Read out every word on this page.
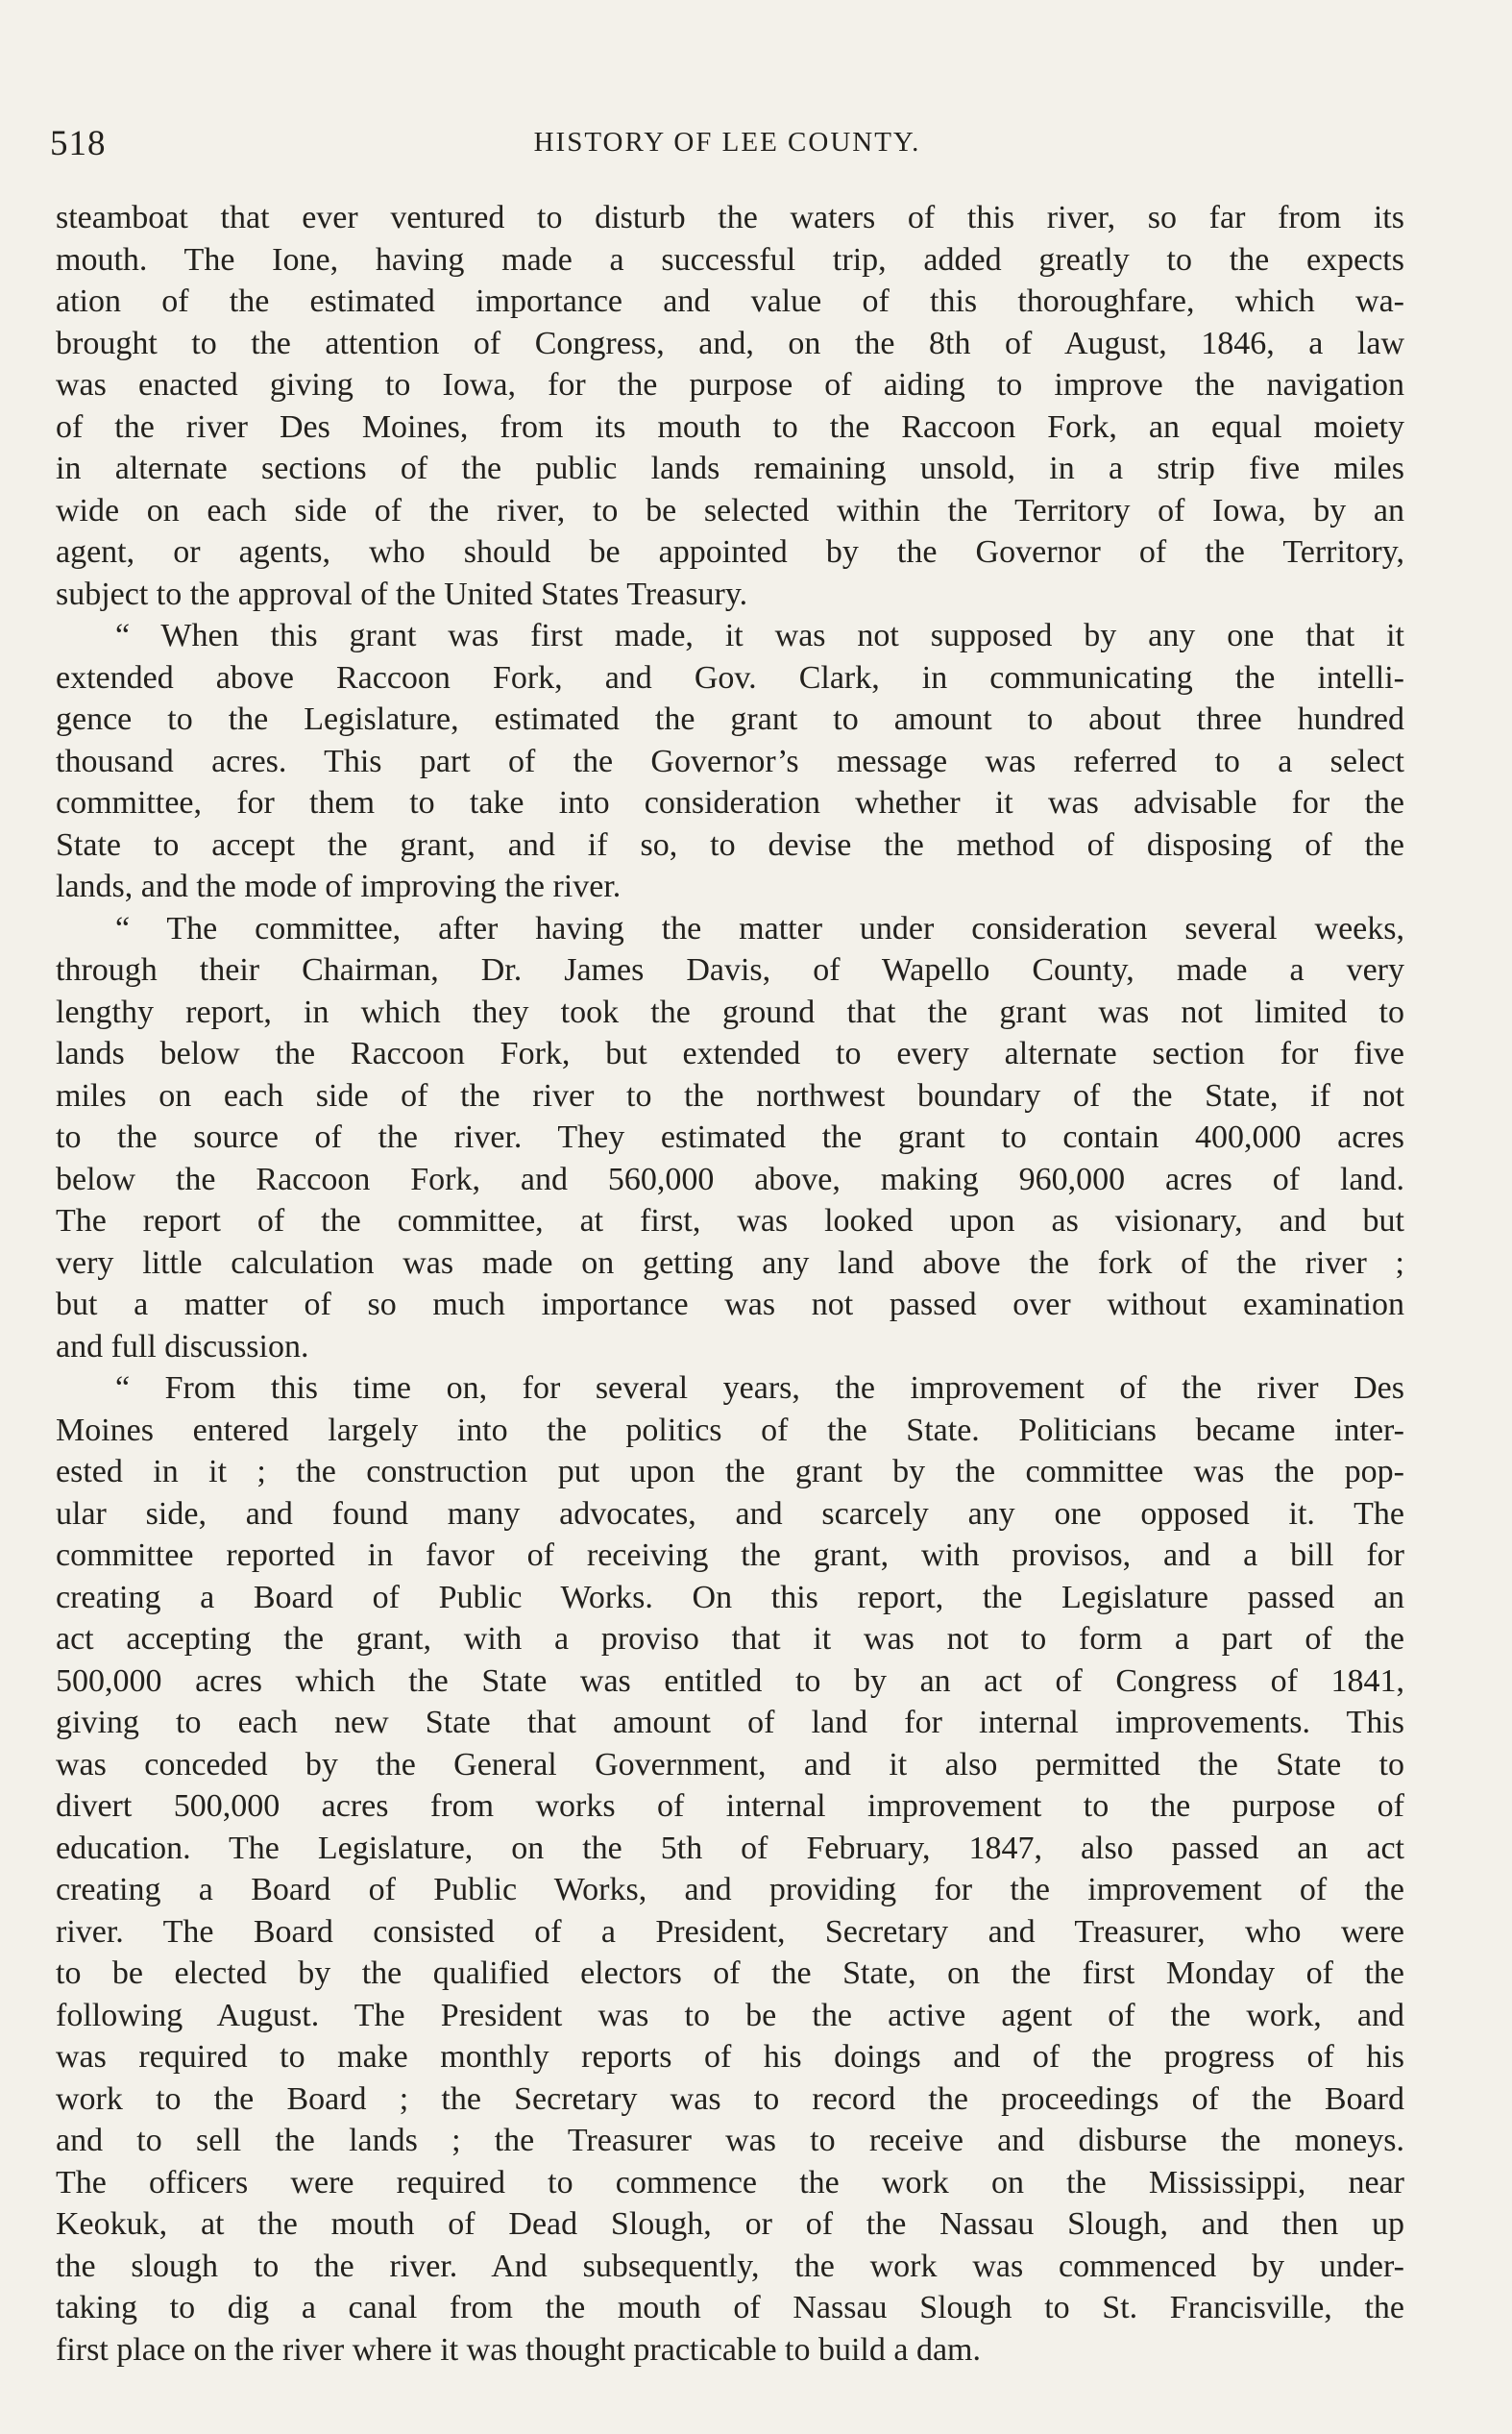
518	HISTORY OF LEE COUNTY.
steamboat that ever ventured to disturb the waters of this river, so far from its
mouth. The Ione, having made a successful trip, added greatly to the expects
ation of the estimated importance and value of this thoroughfare, which wa-
brought to the attention of Congress, and, on the 8th of August, 1846, a law
was enacted giving to Iowa, for the purpose of aiding to improve the navigation
of the river Des Moines, from its mouth to the Raccoon Fork, an equal moiety
in alternate sections of the public lands remaining unsold, in a strip five miles
wide on each side of the river, to be selected within the Territory of Iowa, by an
agent, or agents, who should be appointed by the Governor of the Territory,
subject to the approval of the United States Treasury.
“ When this grant was first made, it was not supposed by any one that it
extended above Raccoon Fork, and Gov. Clark, in communicating the intelli-
gence to the Legislature, estimated the grant to amount to about three hundred
thousand acres. This part of the Governor’s message was referred to a select
committee, for them to take into consideration whether it was advisable for the
State to accept the grant, and if so, to devise the method of disposing of the
lands, and the mode of improving the river.
“ The committee, after having the matter under consideration several weeks,
through their Chairman, Dr. James Davis, of Wapello County, made a very
lengthy report, in which they took the ground that the grant was not limited to
lands below the Raccoon Fork, but extended to every alternate section for five
miles on each side of the river to the northwest boundary of the State, if not
to the source of the river. They estimated the grant to contain 400,000 acres
below the Raccoon Fork, and 560,000 above, making 960,000 acres of land.
The report of the committee, at first, was looked upon as visionary, and but
very little calculation was made on getting any land above the fork of the river ;
but a matter of so much importance was not passed over without examination
and full discussion.
“ From this time on, for several years, the improvement of the river Des
Moines entered largely into the politics of the State. Politicians became inter-
ested in it ; the construction put upon the grant by the committee was the pop-
ular side, and found many advocates, and scarcely any one opposed it. The
committee reported in favor of receiving the grant, with provisos, and a bill for
creating a Board of Public Works. On this report, the Legislature passed an
act accepting the grant, with a proviso that it was not to form a part of the
500,000 acres which the State was entitled to by an act of Congress of 1841,
giving to each new State that amount of land for internal improvements. This
was conceded by the General Government, and it also permitted the State to
divert 500,000 acres from works of internal improvement to the purpose of
education. The Legislature, on the 5th of February, 1847, also passed an act
creating a Board of Public Works, and providing for the improvement of the
river. The Board consisted of a President, Secretary and Treasurer, who were
to be elected by the qualified electors of the State, on the first Monday of the
following August. The President was to be the active agent of the work, and
was required to make monthly reports of his doings and of the progress of his
work to the Board ; the Secretary was to record the proceedings of the Board
and to sell the lands ; the Treasurer was to receive and disburse the moneys.
The officers were required to commence the work on the Mississippi, near
Keokuk, at the mouth of Dead Slough, or of the Nassau Slough, and then up
the slough to the river. And subsequently, the work was commenced by under-
taking to dig a canal from the mouth of Nassau Slough to St. Francisville, the
first place on the river where it was thought practicable to build a dam.
